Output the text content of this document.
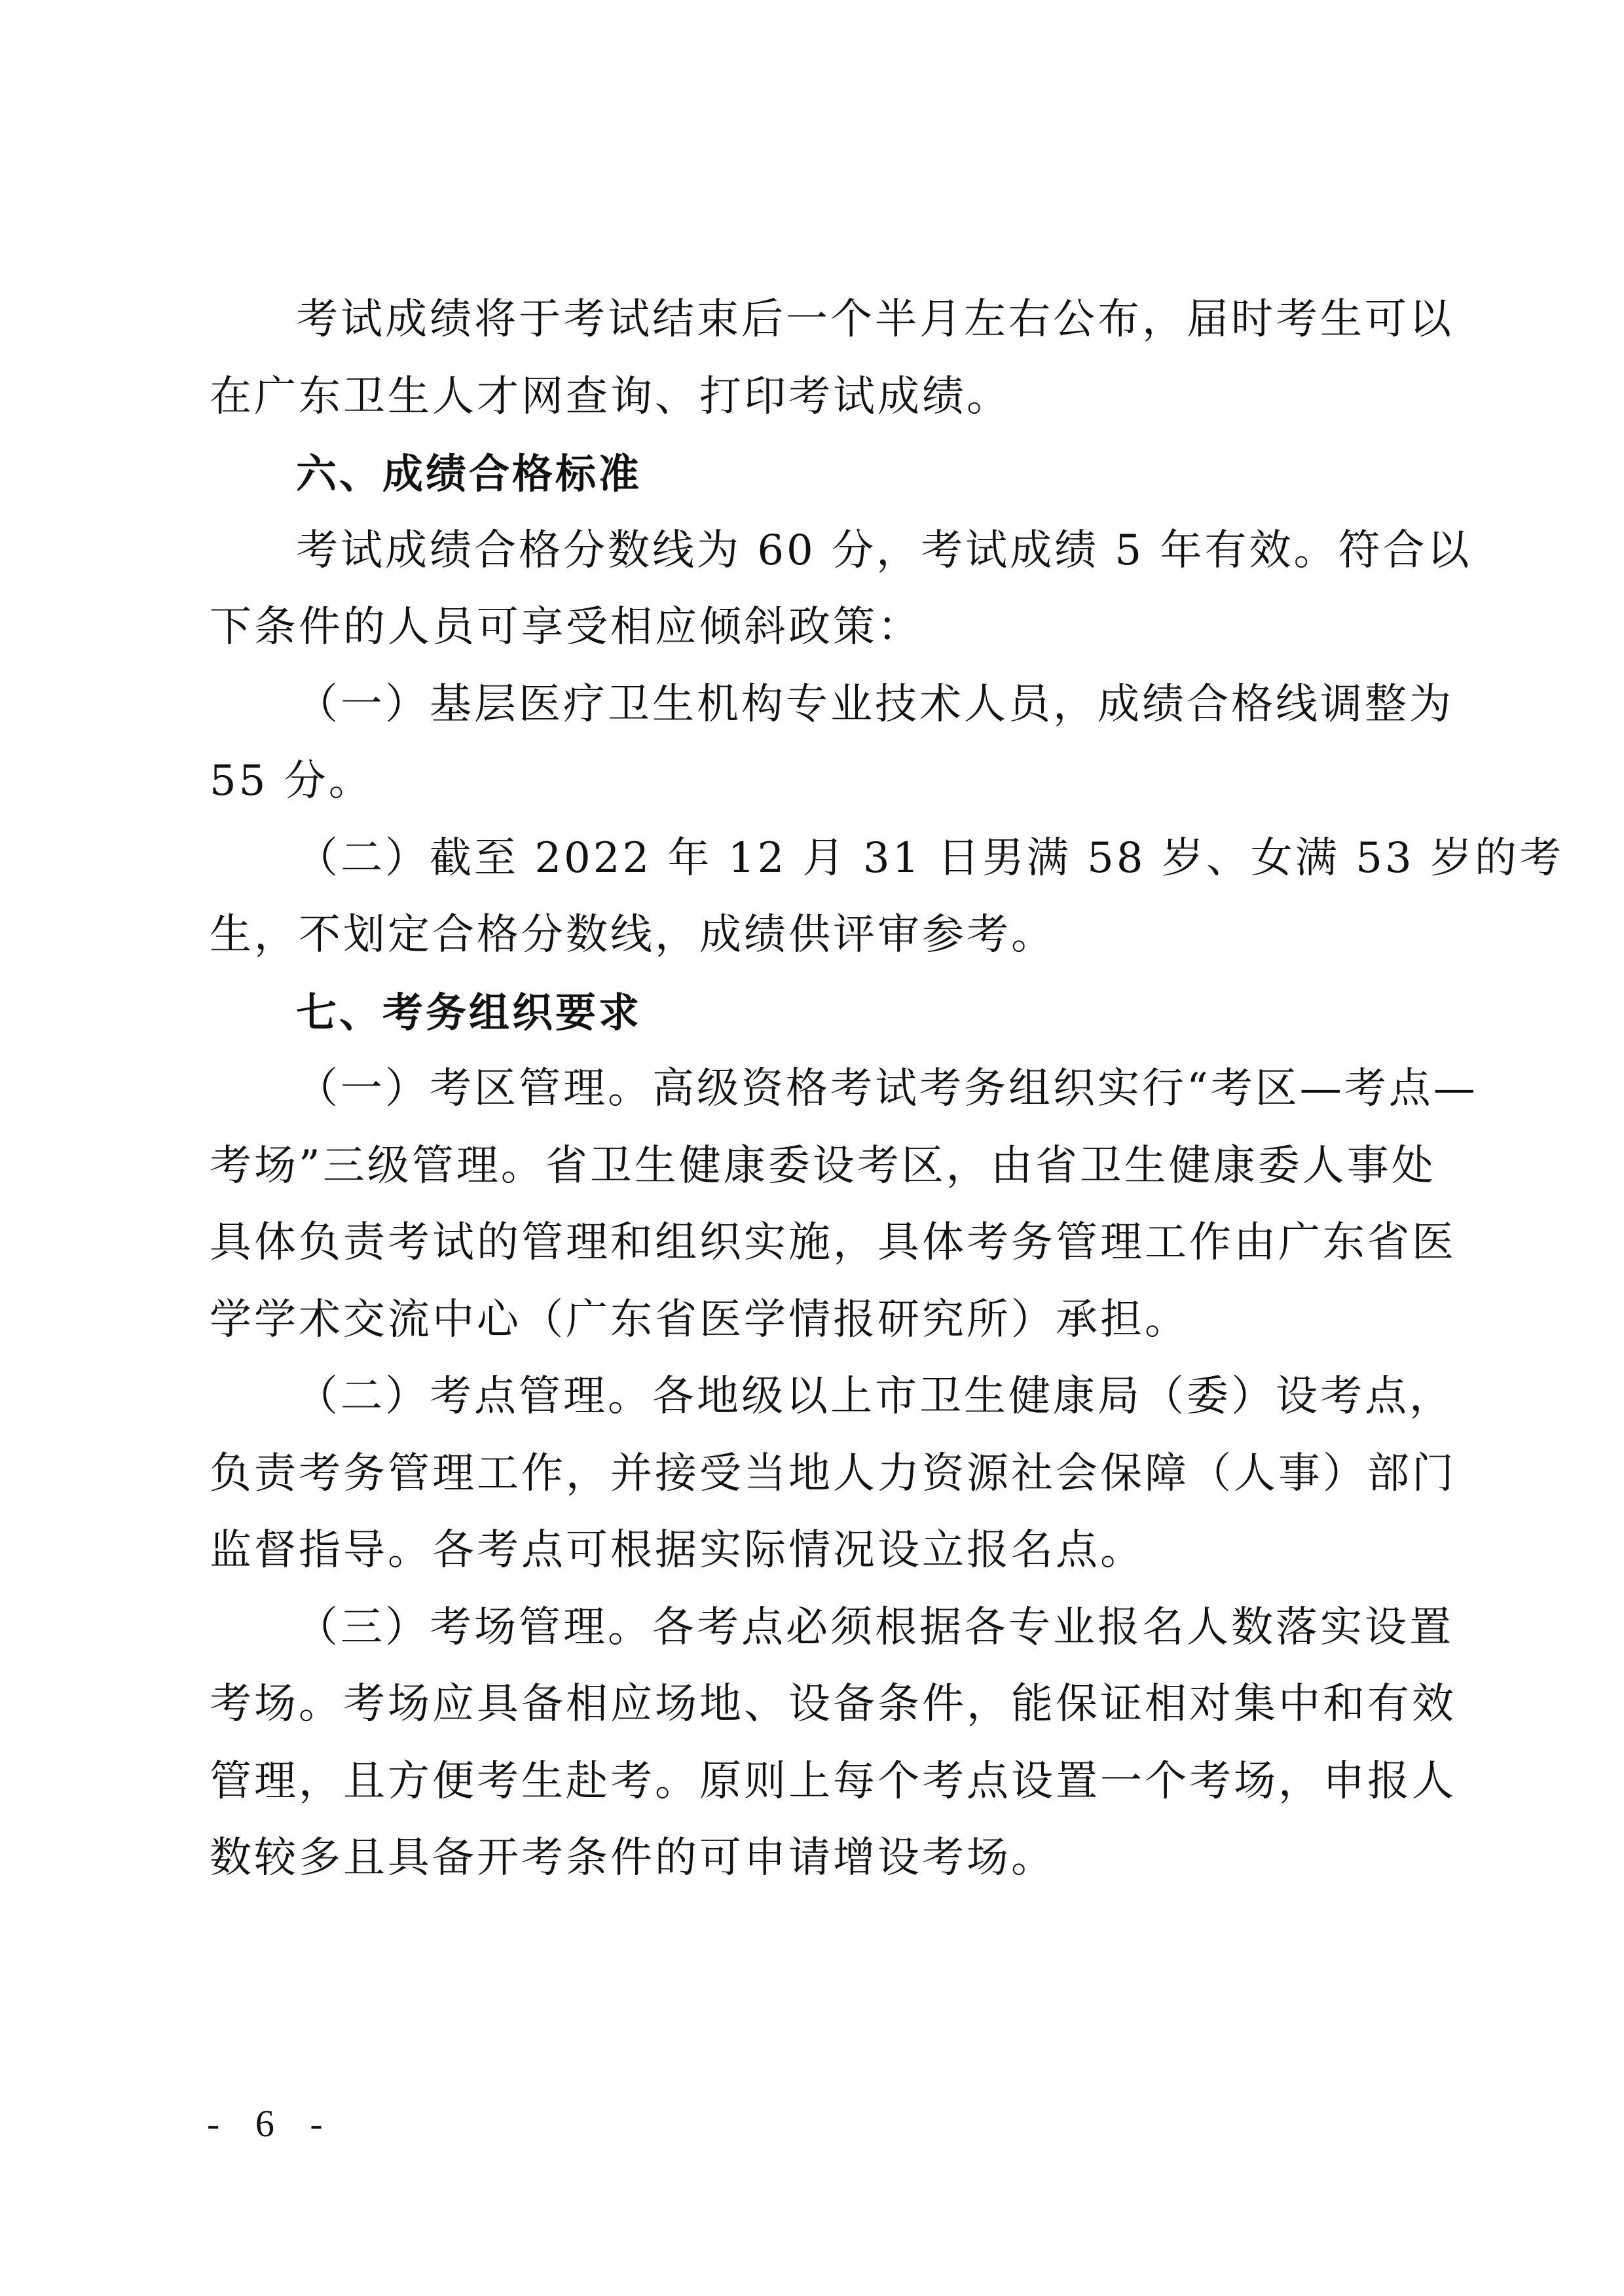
考试成绩将于考试结束后一个半月左右公布，届时考生可以

在广东卫生人才网查询、打印考试成绩。

六、成绩合格标准

考试成绩合格分数线为 60 分，考试成绩 5 年有效。符合以

下条件的人员可享受相应倾斜政策：

（一）基层医疗卫生机构专业技术人员，成绩合格线调整为

55 分。

（二）截至 2022 年 12 月 31 日男满 58 岁、女满 53 岁的考

生，不划定合格分数线，成绩供评审参考。

七、考务组织要求

（一）考区管理。高级资格考试考务组织实行“考区—考点—

考场”三级管理。省卫生健康委设考区，由省卫生健康委人事处

具体负责考试的管理和组织实施，具体考务管理工作由广东省医

学学术交流中心（广东省医学情报研究所）承担。

（二）考点管理。各地级以上市卫生健康局（委）设考点，

负责考务管理工作，并接受当地人力资源社会保障（人事）部门

监督指导。各考点可根据实际情况设立报名点。

（三）考场管理。各考点必须根据各专业报名人数落实设置

考场。考场应具备相应场地、设备条件，能保证相对集中和有效

管理，且方便考生赴考。原则上每个考点设置一个考场，申报人

数较多且具备开考条件的可申请增设考场。

- 6 -
